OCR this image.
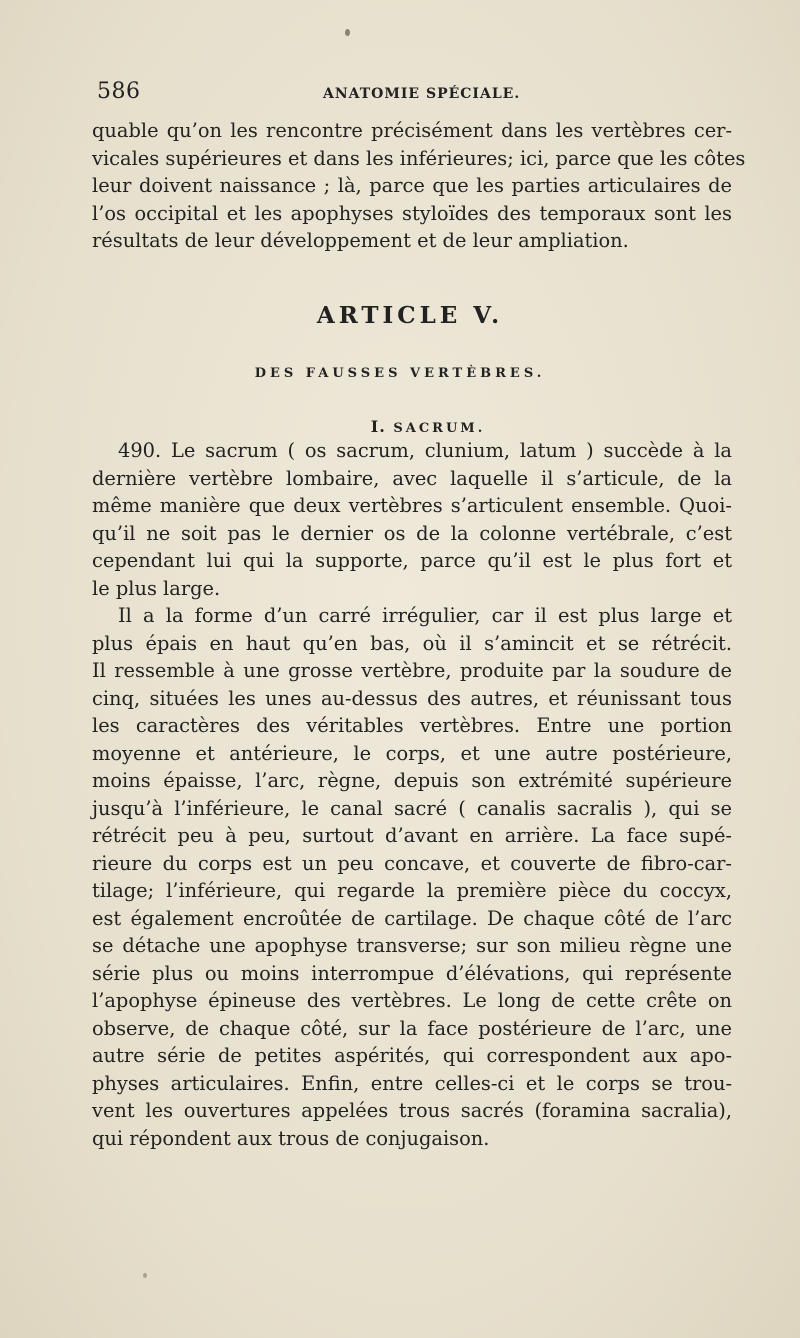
586	ANATOMIE SPÉCIALE.
quable qu’on les rencontre précisément dans les vertèbres cer-
vicales supérieures et dans les inférieures; ici, parce que les côtes
leur doivent naissance ; là, parce que les parties articulaires de
l’os occipital et les apophyses styloïdes des temporaux sont les
résultats de leur développement et de leur ampliation.
ARTICLE V.
DES FAUSSES VERTÈBRES.
I. SACRUM.
490. Le sacrum ( os sacrum, clunium, latum ) succède à la
dernière vertèbre lombaire, avec laquelle il s’articule, de la
même manière que deux vertèbres s’articulent ensemble. Quoi-
qu’il ne soit pas le dernier os de la colonne vertébrale, c’est
cependant lui qui la supporte, parce qu’il est le plus fort et
le plus large.
Il a la forme d’un carré irrégulier, car il est plus large et
plus épais en haut qu’en bas, où il s’amincit et se rétrécit.
Il ressemble à une grosse vertèbre, produite par la soudure de
cinq, situées les unes au-dessus des autres, et réunissant tous
les caractères des véritables vertèbres. Entre une portion
moyenne et antérieure, le corps, et une autre postérieure,
moins épaisse, l’arc, règne, depuis son extrémité supérieure
jusqu’à l’inférieure, le canal sacré ( canalis sacralis ), qui se
rétrécit peu à peu, surtout d’avant en arrière. La face supé-
rieure du corps est un peu concave, et couverte de fibro-car-
tilage; l’inférieure, qui regarde la première pièce du coccyx,
est également encroûtée de cartilage. De chaque côté de l’arc
se détache une apophyse transverse; sur son milieu règne une
série plus ou moins interrompue d’élévations, qui représente
l’apophyse épineuse des vertèbres. Le long de cette crête on
observe, de chaque côté, sur la face postérieure de l’arc, une
autre série de petites aspérités, qui correspondent aux apo-
physes articulaires. Enfin, entre celles-ci et le corps se trou-
vent les ouvertures appelées trous sacrés (foramina sacralia),
qui répondent aux trous de conjugaison.
